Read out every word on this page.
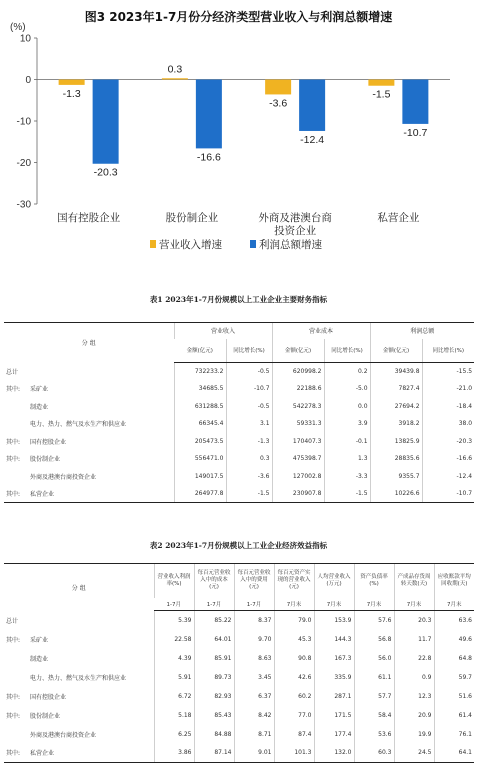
图3 2023年1-7月份分经济类型营业收入与利润总额增速
10
0
-10
-20
-30
(%)
-1.3
-20.3
国有控股企业
0.3
-16.6
股份制企业
-3.6
-12.4
外商及港澳台商
投资企业
-1.5
-10.7
私营企业
营业收入增速	利润总额增速
表1 2023年1-7月份规模以上工业企业主要财务指标
分 组	营业收入		营业成本		利润总额	
	金额(亿元)	同比增长(%)	金额(亿元)	同比增长(%)	金额(亿元)	同比增长(%)
总计	732233.2	-0.5	620998.2	0.2	39439.8	-15.5
其中: 采矿业	34685.5	-10.7	22188.6	-5.0	7827.4	-21.0
制造业	631288.5	-0.5	542278.3	0.0	27694.2	-18.4
电力、热力、燃气及水生产和供应业	66345.4	3.1	59331.3	3.9	3918.2	38.0
其中: 国有控股企业	205473.5	-1.3	170407.3	-0.1	13825.9	-20.3
其中: 股份制企业	556471.0	0.3	475398.7	1.3	28835.6	-16.6
外商及港澳台商投资企业	149017.5	-3.6	127002.8	-3.3	9355.7	-12.4
其中: 私营企业	264977.8	-1.5	230907.8	-1.5	10226.6	-10.7
表2 2023年1-7月份规模以上工业企业经济效益指标
分 组	营业收入利润率(%)	每百元营业收入中的成本(元)	每百元营业收入中的费用(元)	每百元资产实现的营业收入(元)	人均营业收入(万元)	资产负债率(%)	产成品存货周转天数(天)	应收账款平均回收期(天)
	1-7月	1-7月	1-7月	7月末	7月末	7月末	7月末	7月末
总计	5.39	85.22	8.37	79.0	153.9	57.6	20.3	63.6
其中: 采矿业	22.58	64.01	9.70	45.3	144.3	56.8	11.7	49.6
制造业	4.39	85.91	8.63	90.8	167.3	56.0	22.8	64.8
电力、热力、燃气及水生产和供应业	5.91	89.73	3.45	42.6	335.9	61.1	0.9	59.7
其中: 国有控股企业	6.72	82.93	6.37	60.2	287.1	57.7	12.3	51.6
其中: 股份制企业	5.18	85.43	8.42	77.0	171.5	58.4	20.9	61.4
外商及港澳台商投资企业	6.25	84.88	8.71	87.4	177.4	53.6	19.9	76.1
其中: 私营企业	3.86	87.14	9.01	101.3	132.0	60.3	24.5	64.1
